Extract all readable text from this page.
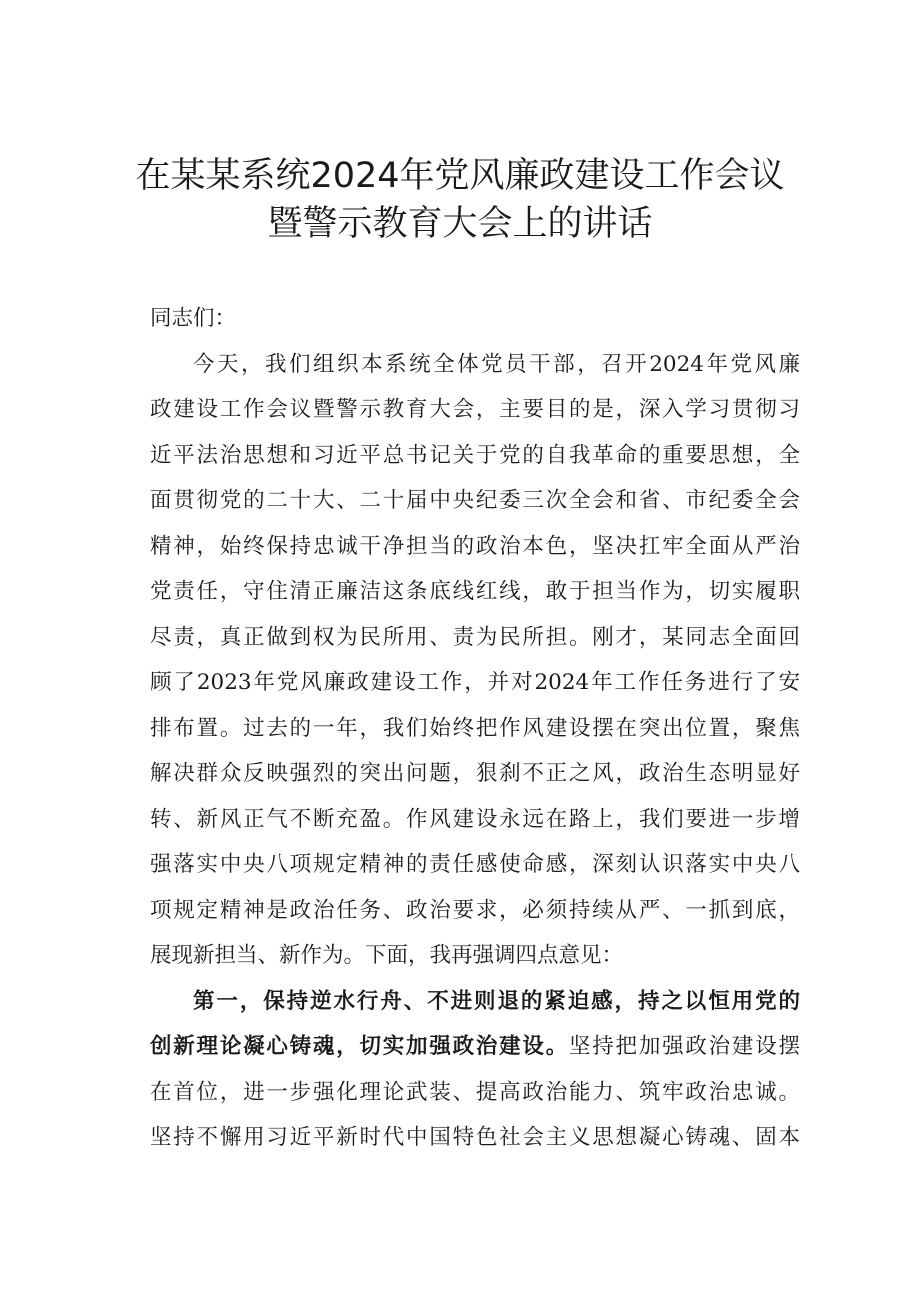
在某某系统2024年党风廉政建设工作会议
暨警示教育大会上的讲话

同志们：

今天，我们组织本系统全体党员干部，召开2024年党风廉
政建设工作会议暨警示教育大会，主要目的是，深入学习贯彻习
近平法治思想和习近平总书记关于党的自我革命的重要思想，全
面贯彻党的二十大、二十届中央纪委三次全会和省、市纪委全会
精神，始终保持忠诚干净担当的政治本色，坚决扛牢全面从严治
党责任，守住清正廉洁这条底线红线，敢于担当作为，切实履职
尽责，真正做到权为民所用、责为民所担。刚才，某同志全面回
顾了2023年党风廉政建设工作，并对2024年工作任务进行了安
排布置。过去的一年，我们始终把作风建设摆在突出位置，聚焦
解决群众反映强烈的突出问题，狠刹不正之风，政治生态明显好
转、新风正气不断充盈。作风建设永远在路上，我们要进一步增
强落实中央八项规定精神的责任感使命感，深刻认识落实中央八
项规定精神是政治任务、政治要求，必须持续从严、一抓到底，
展现新担当、新作为。下面，我再强调四点意见：

第一，保持逆水行舟、不进则退的紧迫感，持之以恒用党的
创新理论凝心铸魂，切实加强政治建设。坚持把加强政治建设摆
在首位，进一步强化理论武装、提高政治能力、筑牢政治忠诚。
坚持不懈用习近平新时代中国特色社会主义思想凝心铸魂、固本
